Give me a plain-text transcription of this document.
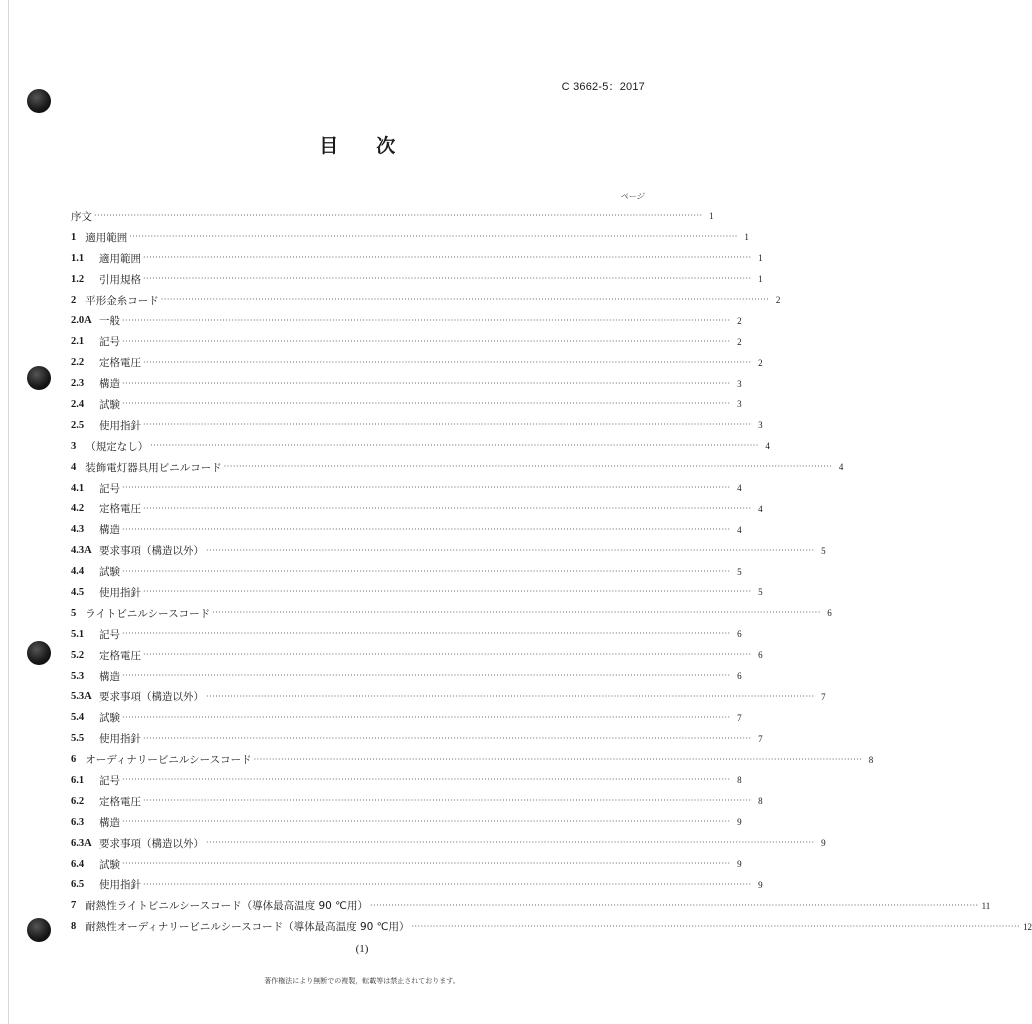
C 3662-5：2017
目　次
ページ
序文 ········································································································································································································ 1
1 適用範囲 ········································································································································································································ 1
1.1	適用範囲 ········································································································································································································ 1
1.2	引用規格 ········································································································································································································ 1
2 平形金糸コード ········································································································································································································ 2
2.0A 一般 ········································································································································································································ 2
2.1	記号 ········································································································································································································ 2
2.2	定格電圧 ········································································································································································································ 2
2.3	構造 ········································································································································································································ 3
2.4	試験 ········································································································································································································ 3
2.5	使用指針 ········································································································································································································ 3
3 （規定なし） ········································································································································································································ 4
4 装飾電灯器具用ビニルコード ········································································································································································································ 4
4.1	記号 ········································································································································································································ 4
4.2	定格電圧 ········································································································································································································ 4
4.3	構造 ········································································································································································································ 4
4.3A 要求事項（構造以外） ········································································································································································································ 5
4.4	試験 ········································································································································································································ 5
4.5	使用指針 ········································································································································································································ 5
5 ライトビニルシースコード ········································································································································································································ 6
5.1	記号 ········································································································································································································ 6
5.2	定格電圧 ········································································································································································································ 6
5.3	構造 ········································································································································································································ 6
5.3A 要求事項（構造以外） ········································································································································································································ 7
5.4	試験 ········································································································································································································ 7
5.5	使用指針 ········································································································································································································ 7
6 オーディナリービニルシースコード ········································································································································································································ 8
6.1	記号 ········································································································································································································ 8
6.2	定格電圧 ········································································································································································································ 8
6.3	構造 ········································································································································································································ 9
6.3A 要求事項（構造以外） ········································································································································································································ 9
6.4	試験 ········································································································································································································ 9
6.5	使用指針 ········································································································································································································ 9
7 耐熱性ライトビニルシースコード（導体最高温度 90 ℃用） ········································································································································································································ 11
8 耐熱性オーディナリービニルシースコード（導体最高温度 90 ℃用） ········································································································································································································ 12
(1)
著作権法により無断での複製，転載等は禁止されております。
